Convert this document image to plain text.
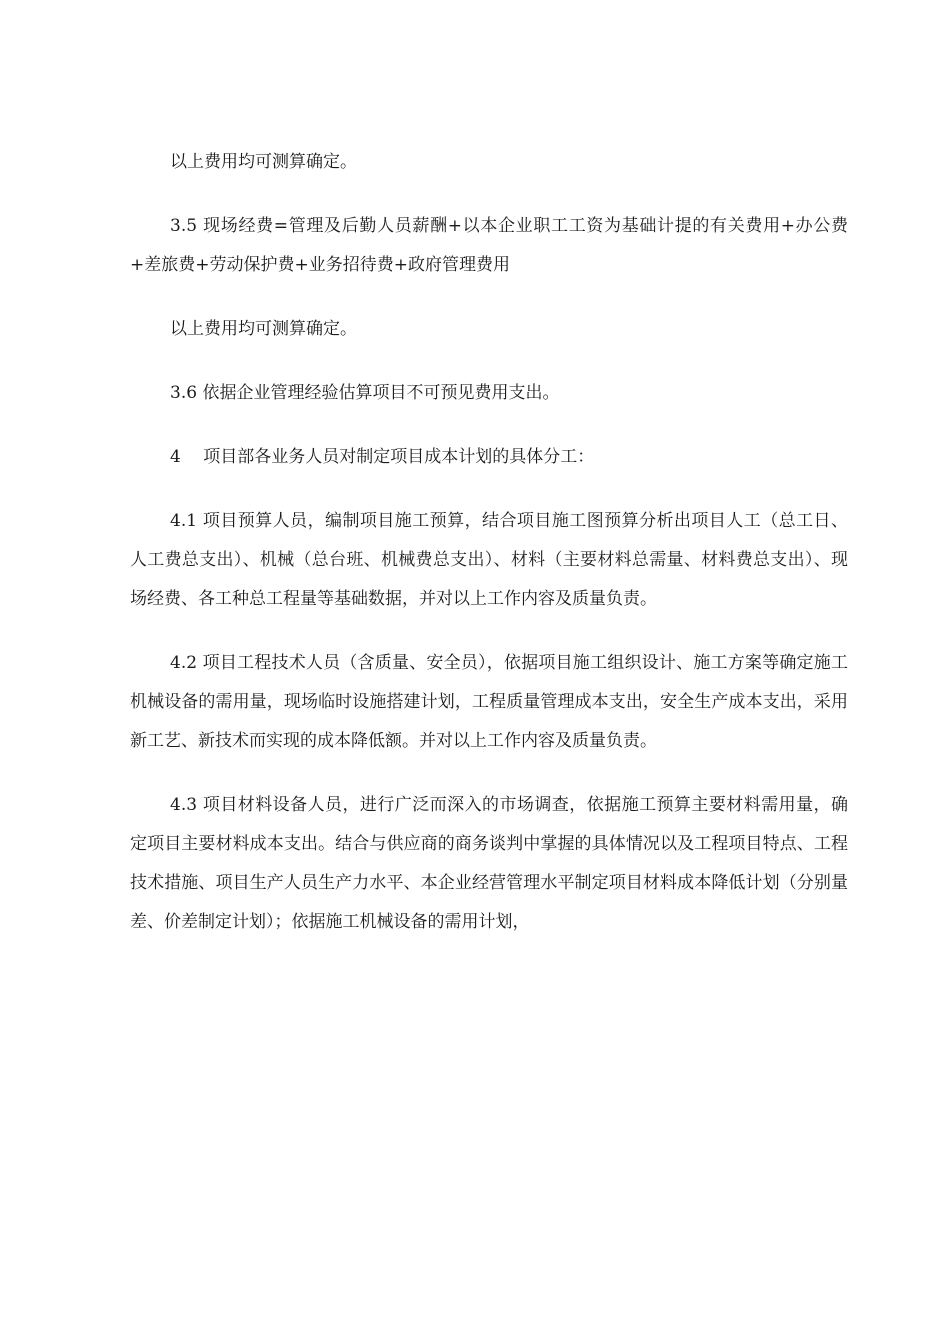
以上费用均可测算确定。

3.5 现场经费=管理及后勤人员薪酬+以本企业职工工资为基础计提的有关费用+办公费+差旅费+劳动保护费+业务招待费+政府管理费用

以上费用均可测算确定。

3.6 依据企业管理经验估算项目不可预见费用支出。

4　 项目部各业务人员对制定项目成本计划的具体分工：

4.1 项目预算人员，编制项目施工预算，结合项目施工图预算分析出项目人工（总工日、人工费总支出）、机械（总台班、机械费总支出）、材料（主要材料总需量、材料费总支出）、现场经费、各工种总工程量等基础数据，并对以上工作内容及质量负责。

4.2 项目工程技术人员（含质量、安全员），依据项目施工组织设计、施工方案等确定施工机械设备的需用量，现场临时设施搭建计划，工程质量管理成本支出，安全生产成本支出，采用新工艺、新技术而实现的成本降低额。并对以上工作内容及质量负责。

4.3 项目材料设备人员，进行广泛而深入的市场调查，依据施工预算主要材料需用量，确定项目主要材料成本支出。结合与供应商的商务谈判中掌握的具体情况以及工程项目特点、工程技术措施、项目生产人员生产力水平、本企业经营管理水平制定项目材料成本降低计划（分别量差、价差制定计划）；依据施工机械设备的需用计划，
